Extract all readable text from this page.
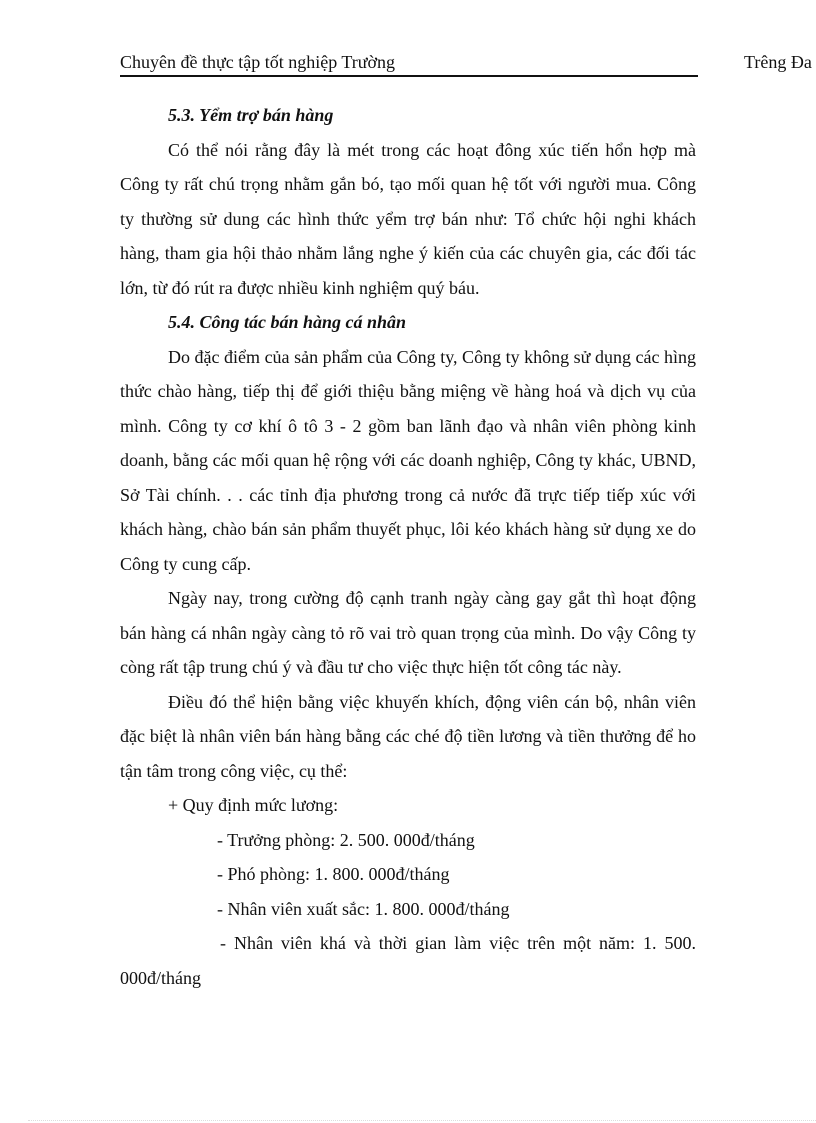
Chuyên đề thực tập tốt nghiệp Trường	Trêng Đa

5.3. Yểm trợ bán hàng

Có thể nói rằng đây là mét trong các hoạt đông xúc tiến hổn hợp mà Công ty rất chú trọng nhằm gắn bó, tạo mối quan hệ tốt với người mua. Công ty thường sử dung các hình thức yểm trợ bán như: Tổ chức hội nghi khách hàng, tham gia hội thảo nhằm lắng nghe ý kiến của các chuyên gia, các đối tác lớn, từ đó rút ra được nhiều kinh nghiệm quý báu.

5.4. Công tác bán hàng cá nhân

Do đặc điểm của sản phẩm của Công ty, Công ty không sử dụng các hìng thức chào hàng, tiếp thị để giới thiệu bằng miệng về hàng hoá và dịch vụ của mình. Công ty cơ khí ô tô 3 - 2 gồm ban lãnh đạo và nhân viên phòng kinh doanh, bằng các mối quan hệ rộng với các doanh nghiệp, Công ty khác, UBND, Sở Tài chính. . . các tỉnh địa phương trong cả nước đã trực tiếp tiếp xúc với khách hàng, chào bán sản phẩm thuyết phục, lôi kéo khách hàng sử dụng xe do Công ty cung cấp.

Ngày nay, trong cường độ cạnh tranh ngày càng gay gắt thì hoạt động bán hàng cá nhân ngày càng tỏ rõ vai trò quan trọng của mình. Do vậy Công ty còng rất tập trung chú ý và đầu tư cho việc thực hiện tốt công tác này.

Điều đó thể hiện bằng việc khuyến khích, động viên cán bộ, nhân viên đặc biệt là nhân viên bán hàng bằng các ché độ tiền lương và tiền thưởng để ho tận tâm trong công việc, cụ thể:

+ Quy định mức lương:

- Trưởng phòng: 2. 500. 000đ/tháng

- Phó phòng: 1. 800. 000đ/tháng

- Nhân viên xuất sắc: 1. 800. 000đ/tháng

- Nhân viên khá và thời gian làm việc trên một năm: 1. 500. 000đ/tháng
